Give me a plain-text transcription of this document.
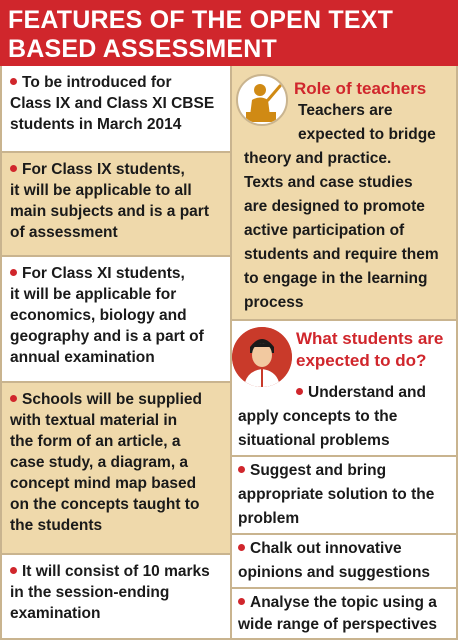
FEATURES OF THE OPEN TEXT
BASED ASSESSMENT
To be introduced for
Class IX and Class XI CBSE
students in March 2014
For Class IX students,
it will be applicable to all
main subjects and is a part
of assessment
For Class XI students,
it will be applicable for
economics, biology and
geography and is a part of
annual examination
Schools will be supplied
with textual material in
the form of an article, a
case study, a diagram, a
concept mind map based
on the concepts taught to
the students
It will consist of 10 marks
in the session-ending
examination
Role of teachers
Teachers are
expected to bridge
theory and practice.
Texts and case studies
are designed to promote
active participation of
students and require them
to engage in the learning
process
What students are
expected to do?
Understand and
apply concepts to the
situational problems
Suggest and bring
appropriate solution to the
problem
Chalk out innovative
opinions and suggestions
Analyse the topic using a
wide range of perspectives
